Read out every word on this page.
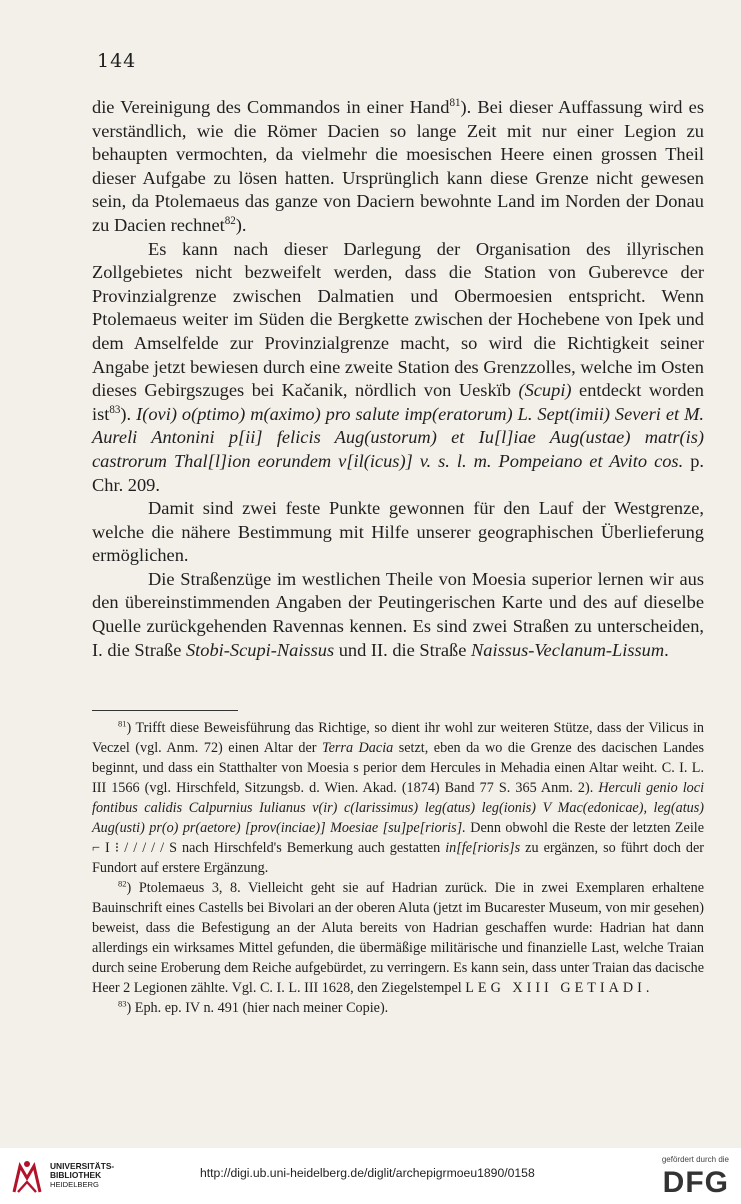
144

die Vereinigung des Commandos in einer Hand$^{81}$). Bei dieser Auffassung wird es verständlich, wie die Römer Dacien so lange Zeit mit nur einer Legion zu behaupten vermochten, da vielmehr die moesischen Heere einen grossen Theil dieser Aufgabe zu lösen hatten. Ursprünglich kann diese Grenze nicht gewesen sein, da Ptolemaeus das ganze von Daciern bewohnte Land im Norden der Donau zu Dacien rechnet$^{82}$).

Es kann nach dieser Darlegung der Organisation des illyrischen Zollgebietes nicht bezweifelt werden, dass die Station von Guberevce der Provinzialgrenze zwischen Dalmatien und Obermoesien entspricht. Wenn Ptolemaeus weiter im Süden die Bergkette zwischen der Hochebene von Ipek und dem Amselfelde zur Provinzialgrenze macht, so wird die Richtigkeit seiner Angabe jetzt bewiesen durch eine zweite Station des Grenzzolles, welche im Osten dieses Gebirgszuges bei Kačanik, nördlich von Ueskïb (Scupi) entdeckt worden ist$^{83}$). I(ovi) o(ptimo) m(aximo) pro salute imp(eratorum) L. Sept(imii) Severi et M. Aureli Antonini p[ii] felicis Aug(ustorum) et Iu[l]iae Aug(ustae) matr(is) castrorum Thal[l]ion eorundem v[il(icus)] v. s. l. m. Pompeiano et Avito cos. p. Chr. 209.

Damit sind zwei feste Punkte gewonnen für den Lauf der Westgrenze, welche die nähere Bestimmung mit Hilfe unserer geographischen Überlieferung ermöglichen.

Die Straßenzüge im westlichen Theile von Moesia superior lernen wir aus den übereinstimmenden Angaben der Peutingerischen Karte und des auf dieselbe Quelle zurückgehenden Ravennas kennen. Es sind zwei Straßen zu unterscheiden, I. die Straße Stobi-Scupi-Naissus und II. die Straße Naissus-Veclanum-Lissum.

$^{81}$) Trifft diese Beweisführung das Richtige, so dient ihr wohl zur weiteren Stütze, dass der Vilicus in Veczel (vgl. Anm. 72) einen Altar der Terra Dacia setzt, eben da wo die Grenze des dacischen Landes beginnt, und dass ein Statthalter von Moesia s perior dem Hercules in Mehadia einen Altar weiht. C. I. L. III 1566 (vgl. Hirschfeld, Sitzungsb. d. Wien. Akad. (1874) Band 77 S. 365 Anm. 2). Herculi genio loci fontibus calidis Calpurnius Iulianus v(ir) c(larissimus) leg(atus) leg(ionis) V Mac(edonicae), leg(atus) Aug(usti) pr(o) pr(aetore) [prov(inciae)] Moesiae [su]pe[rioris]. Denn obwohl die Reste der letzten Zeile ⌐ I ⁝ / / / / / S nach Hirschfeld's Bemerkung auch gestatten in[fe[rioris]s zu ergänzen, so führt doch der Fundort auf erstere Ergänzung.

$^{82}$) Ptolemaeus 3, 8. Vielleicht geht sie auf Hadrian zurück. Die in zwei Exemplaren erhaltene Bauinschrift eines Castells bei Bivolari an der oberen Aluta (jetzt im Bucarester Museum, von mir gesehen) beweist, dass die Befestigung an der Aluta bereits von Hadrian geschaffen wurde: Hadrian hat dann allerdings ein wirksames Mittel gefunden, die übermäßige militärische und finanzielle Last, welche Traian durch seine Eroberung dem Reiche aufgebürdet, zu verringern. Es kann sein, dass unter Traian das dacische Heer 2 Legionen zählte. Vgl. C. I. L. III 1628, den Ziegelstempel LEG XIII GETIADI.

$^{83}$) Eph. ep. IV n. 491 (hier nach meiner Copie).

UNIVERSITÄTS-
BIBLIOTHEK
HEIDELBERG
http://digi.ub.uni-heidelberg.de/diglit/archepigrmoeu1890/0158
gefördert durch die
DFG
